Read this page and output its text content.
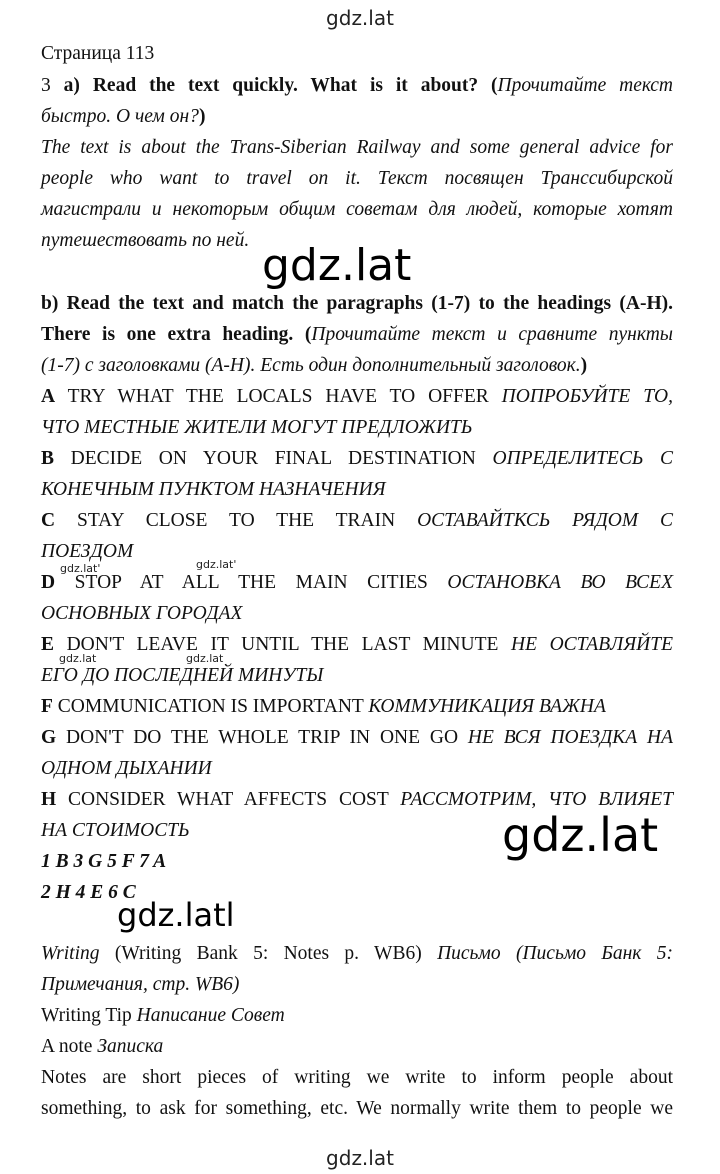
gdz.lat
gdz.lat
Страница 113
3 a) Read the text quickly. What is it about? (Прочитайте текст
быстро. О чем он?)
The text is about the Trans-Siberian Railway and some general advice for
people who want to travel on it. Текст посвящен Транссибирской
магистрали и некоторым общим советам для людей, которые хотят
путешествовать по ней. gdz.lat
b) Read the text and match the paragraphs (1-7) to the headings (A-H).
There is one extra heading. (Прочитайте текст и сравните пункты
(1-7) с заголовками (A-H). Есть один дополнительный заголовок.)
A TRY WHAT THE LOCALS HAVE TO OFFER ПОПРОБУЙТЕ ТО,
ЧТО МЕСТНЫЕ ЖИТЕЛИ МОГУТ ПРЕДЛОЖИТЬ
B DECIDE ON YOUR FINAL DESTINATION ОПРЕДЕЛИТЕСЬ С
КОНЕЧНЫМ ПУНКТОМ НАЗНАЧЕНИЯ
C STAY CLOSE TO THE TRAIN ОСТАВАЙТКСЬ РЯДОМ С
ПОЕЗДОМ
D STOP AT ALL THE MAIN CITIES ОСТАНОВКА ВО ВСЕХ
ОСНОВНЫХ ГОРОДАХ
E DON'T LEAVE IT UNTIL THE LAST MINUTE НЕ ОСТАВЛЯЙТЕ
ЕГО ДО ПОСЛЕДНЕЙ МИНУТЫ
F COMMUNICATION IS IMPORTANT КОММУНИКАЦИЯ ВАЖНА
G DON'T DO THE WHOLE TRIP IN ONE GO НЕ ВСЯ ПОЕЗДКА НА
ОДНОМ ДЫХАНИИ
H CONSIDER WHAT AFFECTS COST РАССМОТРИМ, ЧТО ВЛИЯЕТ
НА СТОИМОСТЬ
1 B 3 G 5 F 7 A
2 H 4 E 6 C
gdz.lat'	gdz.lat'
gdz.lat	gdz.lat
gdz.lat
gdz.latl
Writing (Writing Bank 5: Notes p. WB6) Письмо (Письмо Банк 5:
Примечания, стр. WB6)
Writing Tip Написание Совет
A note Записка
Notes are short pieces of writing we write to inform people about
something, to ask for something, etc. We normally write them to people we
